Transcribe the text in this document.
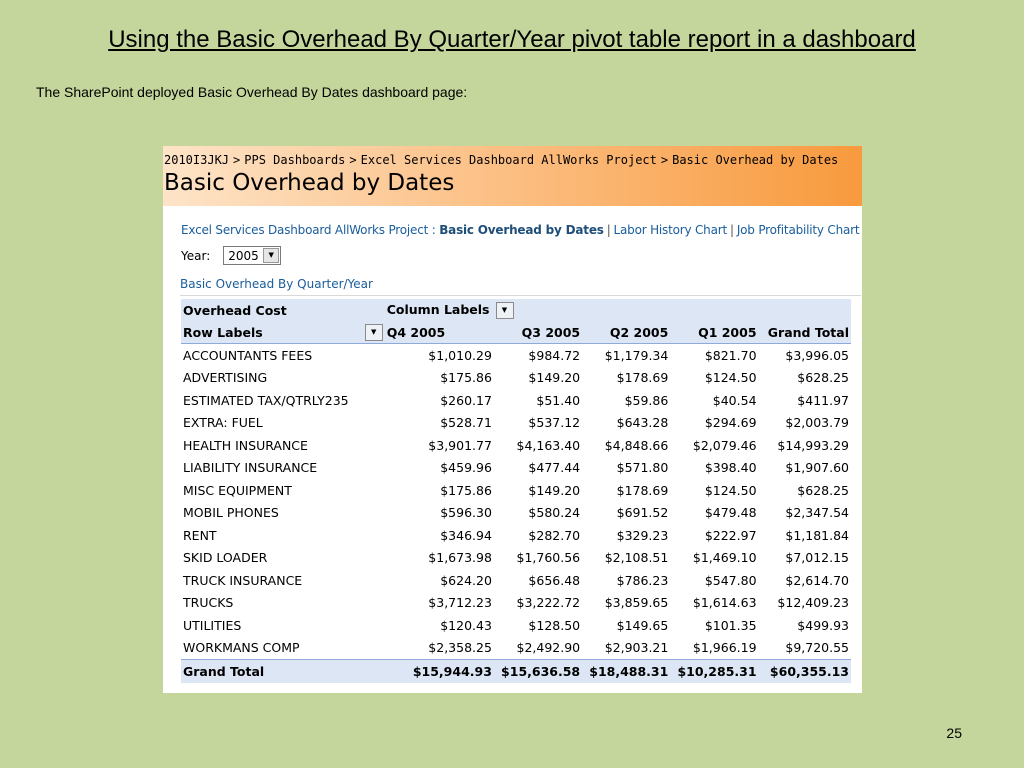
Using the Basic Overhead By Quarter/Year pivot table report in a dashboard
The SharePoint deployed Basic Overhead By Dates dashboard page:
2010I3JKJ > PPS Dashboards > Excel Services Dashboard AllWorks Project > Basic Overhead by Dates
Basic Overhead by Dates
Excel Services Dashboard AllWorks Project : Basic Overhead by Dates | Labor History Chart | Job Profitability Chart
Year:	2005	▼
Basic Overhead By Quarter/Year
Overhead Cost	Column Labels ▼				
Row Labels ▼	Q4 2005	Q3 2005	Q2 2005	Q1 2005	Grand Total
ACCOUNTANTS FEES	$1,010.29	$984.72	$1,179.34	$821.70	$3,996.05
ADVERTISING	$175.86	$149.20	$178.69	$124.50	$628.25
ESTIMATED TAX/QTRLY235	$260.17	$51.40	$59.86	$40.54	$411.97
EXTRA: FUEL	$528.71	$537.12	$643.28	$294.69	$2,003.79
HEALTH INSURANCE	$3,901.77	$4,163.40	$4,848.66	$2,079.46	$14,993.29
LIABILITY INSURANCE	$459.96	$477.44	$571.80	$398.40	$1,907.60
MISC EQUIPMENT	$175.86	$149.20	$178.69	$124.50	$628.25
MOBIL PHONES	$596.30	$580.24	$691.52	$479.48	$2,347.54
RENT	$346.94	$282.70	$329.23	$222.97	$1,181.84
SKID LOADER	$1,673.98	$1,760.56	$2,108.51	$1,469.10	$7,012.15
TRUCK INSURANCE	$624.20	$656.48	$786.23	$547.80	$2,614.70
TRUCKS	$3,712.23	$3,222.72	$3,859.65	$1,614.63	$12,409.23
UTILITIES	$120.43	$128.50	$149.65	$101.35	$499.93
WORKMANS COMP	$2,358.25	$2,492.90	$2,903.21	$1,966.19	$9,720.55
Grand Total	$15,944.93	$15,636.58	$18,488.31	$10,285.31	$60,355.13
25
